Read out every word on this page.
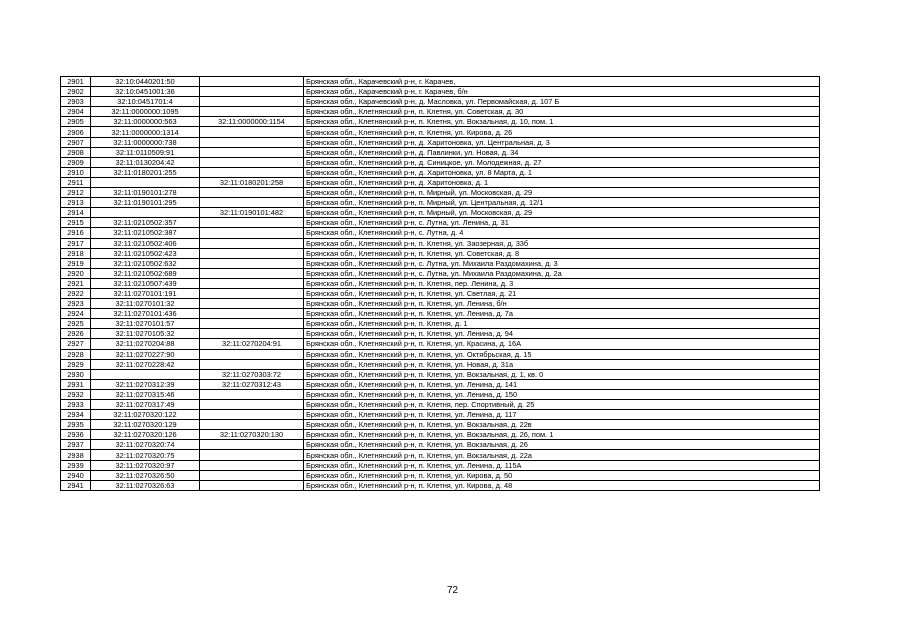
2901	32:10:0440201:50		Брянская обл., Карачевский р-н, г. Карачев,
2902	32:10:0451001:36		Брянская обл., Карачевский р-н, г. Карачев, б/н
2903	32:10:0451701:4		Брянская обл., Карачевский р-н, д. Масловка, ул. Первомайская, д. 107 Б
2904	32:11:0000000:1095		Брянская обл., Клетнянский р-н, п. Клетня, ул. Советская, д. 30
2905	32:11:0000000:563	32:11:0000000:1154	Брянская обл., Клетнянский р-н, п. Клетня, ул. Вокзальная, д. 10, пом. 1
2906	32:11:0000000:1314		Брянская обл., Клетнянский р-н, п. Клетня, ул. Кирова, д. 26
2907	32:11:0000000:738		Брянская обл., Клетнянский р-н, д. Харитоновка, ул. Центральная, д. 3
2908	32:11:0110509:91		Брянская обл., Клетнянский р-н, д. Павлинки, ул. Новая, д. 34
2909	32:11:0130204:42		Брянская обл., Клетнянский р-н, д. Синицкое, ул. Молодежная, д. 27
2910	32:11:0180201:255		Брянская обл., Клетнянский р-н, д. Харитоновка, ул. 8 Марта, д. 1
2911		32:11:0180201:258	Брянская обл., Клетнянский р-н, д. Харитоновка, д. 1
2912	32:11:0190101:278		Брянская обл., Клетнянский р-н, п. Мирный, ул. Московская, д. 29
2913	32:11:0190101:295		Брянская обл., Клетнянский р-н, п. Мирный, ул. Центральная, д. 12/1
2914		32:11:0190101:482	Брянская обл., Клетнянский р-н, п. Мирный, ул. Московская, д. 29
2915	32:11:0210502:357		Брянская обл., Клетнянский р-н, с. Лутна, ул. Ленина, д. 31
2916	32:11:0210502:387		Брянская обл., Клетнянский р-н, с. Лутна, д. 4
2917	32:11:0210502:406		Брянская обл., Клетнянский р-н, п. Клетня, ул. Заозерная, д. 33б
2918	32:11:0210502:423		Брянская обл., Клетнянский р-н, п. Клетня, ул. Советская, д. 8
2919	32:11:0210502:632		Брянская обл., Клетнянский р-н, с. Лутна, ул. Михаила Раздомахина, д. 3
2920	32:11:0210502:689		Брянская обл., Клетнянский р-н, с. Лутна, ул. Михаила Раздомахина, д. 2а
2921	32:11:0210507:439		Брянская обл., Клетнянский р-н, п. Клетня, пер. Ленина, д. 3
2922	32:11:0270101:191		Брянская обл., Клетнянский р-н, п. Клетня, ул. Светлая, д. 21
2923	32:11:0270101:32		Брянская обл., Клетнянский р-н, п. Клетня, ул. Ленина, б/н
2924	32:11:0270101:436		Брянская обл., Клетнянский р-н, п. Клетня, ул. Ленина, д. 7а
2925	32:11:0270101:57		Брянская обл., Клетнянский р-н, п. Клетня, д. 1
2926	32:11:0270105:32		Брянская обл., Клетнянский р-н, п. Клетня, ул. Ленина, д. 94
2927	32:11:0270204:88	32:11:0270204:91	Брянская обл., Клетнянский р-н, п. Клетня, ул. Красина, д. 16А
2928	32:11:0270227:90		Брянская обл., Клетнянский р-н, п. Клетня, ул. Октябрьская, д. 15
2929	32:11:0270228:42		Брянская обл., Клетнянский р-н, п. Клетня, ул. Новая, д. 31а
2930		32:11:0270303:72	Брянская обл., Клетнянский р-н, п. Клетня, ул. Вокзальная, д. 1, кв. 0
2931	32:11:0270312:39	32:11:0270312:43	Брянская обл., Клетнянский р-н, п. Клетня, ул. Ленина, д. 141
2932	32:11:0270315:46		Брянская обл., Клетнянский р-н, п. Клетня, ул. Ленина, д. 150
2933	32:11:0270317:49		Брянская обл., Клетнянский р-н, п. Клетня, пер. Спортивный, д. 25
2934	32:11:0270320:122		Брянская обл., Клетнянский р-н, п. Клетня, ул. Ленина, д. 117
2935	32:11:0270320:129		Брянская обл., Клетнянский р-н, п. Клетня, ул. Вокзальная, д. 22в
2936	32:11:0270320:126	32:11:0270320:130	Брянская обл., Клетнянский р-н, п. Клетня, ул. Вокзальная, д. 26, пом. 1
2937	32:11:0270320:74		Брянская обл., Клетнянский р-н, п. Клетня, ул. Вокзальная, д. 26
2938	32:11:0270320:75		Брянская обл., Клетнянский р-н, п. Клетня, ул. Вокзальная, д. 22а
2939	32:11:0270320:97		Брянская обл., Клетнянский р-н, п. Клетня, ул. Ленина, д. 115А
2940	32:11:0270326:50		Брянская обл., Клетнянский р-н, п. Клетня, ул. Кирова, д. 50
2941	32:11:0270326:63		Брянская обл., Клетнянский р-н, п. Клетня, ул. Кирова, д. 48
72
